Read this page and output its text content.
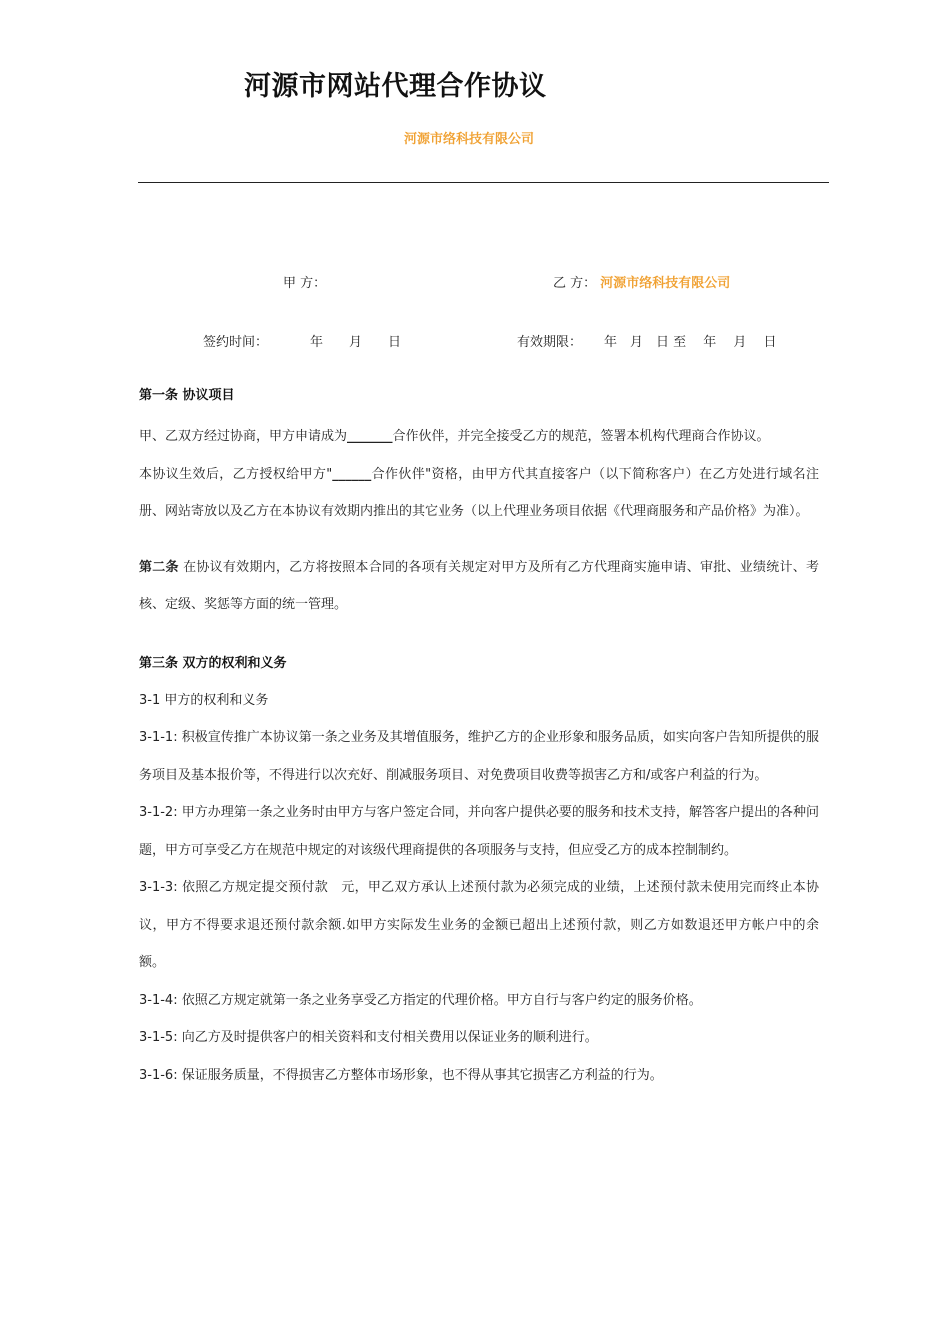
河源市网站代理合作协议
河源市络科技有限公司
甲 方：	乙 方： 河源市络科技有限公司
签约时间：	年　　月　　日	有效期限： 年　月　日 至　 年　 月　 日
第一条 协议项目

甲、乙双方经过协商，甲方申请成为_______合作伙伴，并完全接受乙方的规范，签署本机构代理商合作协议。

本协议生效后，乙方授权给甲方"______合作伙伴"资格，由甲方代其直接客户（以下简称客户）在乙方处进行域名注册、网站寄放以及乙方在本协议有效期内推出的其它业务（以上代理业务项目依据《代理商服务和产品价格》为准）。

第二条 在协议有效期内，乙方将按照本合同的各项有关规定对甲方及所有乙方代理商实施申请、审批、业绩统计、考核、定级、奖惩等方面的统一管理。

第三条 双方的权利和义务

3-1 甲方的权利和义务

3-1-1: 积极宣传推广本协议第一条之业务及其增值服务，维护乙方的企业形象和服务品质，如实向客户告知所提供的服务项目及基本报价等，不得进行以次充好、削减服务项目、对免费项目收费等损害乙方和/或客户利益的行为。

3-1-2: 甲方办理第一条之业务时由甲方与客户签定合同，并向客户提供必要的服务和技术支持，解答客户提出的各种问题，甲方可享受乙方在规范中规定的对该级代理商提供的各项服务与支持，但应受乙方的成本控制制约。

3-1-3: 依照乙方规定提交预付款　元，甲乙双方承认上述预付款为必须完成的业绩，上述预付款未使用完而终止本协议，甲方不得要求退还预付款余额.如甲方实际发生业务的金额已超出上述预付款，则乙方如数退还甲方帐户中的余额。

3-1-4: 依照乙方规定就第一条之业务享受乙方指定的代理价格。甲方自行与客户约定的服务价格。

3-1-5: 向乙方及时提供客户的相关资料和支付相关费用以保证业务的顺利进行。

3-1-6: 保证服务质量，不得损害乙方整体市场形象，也不得从事其它损害乙方利益的行为。
